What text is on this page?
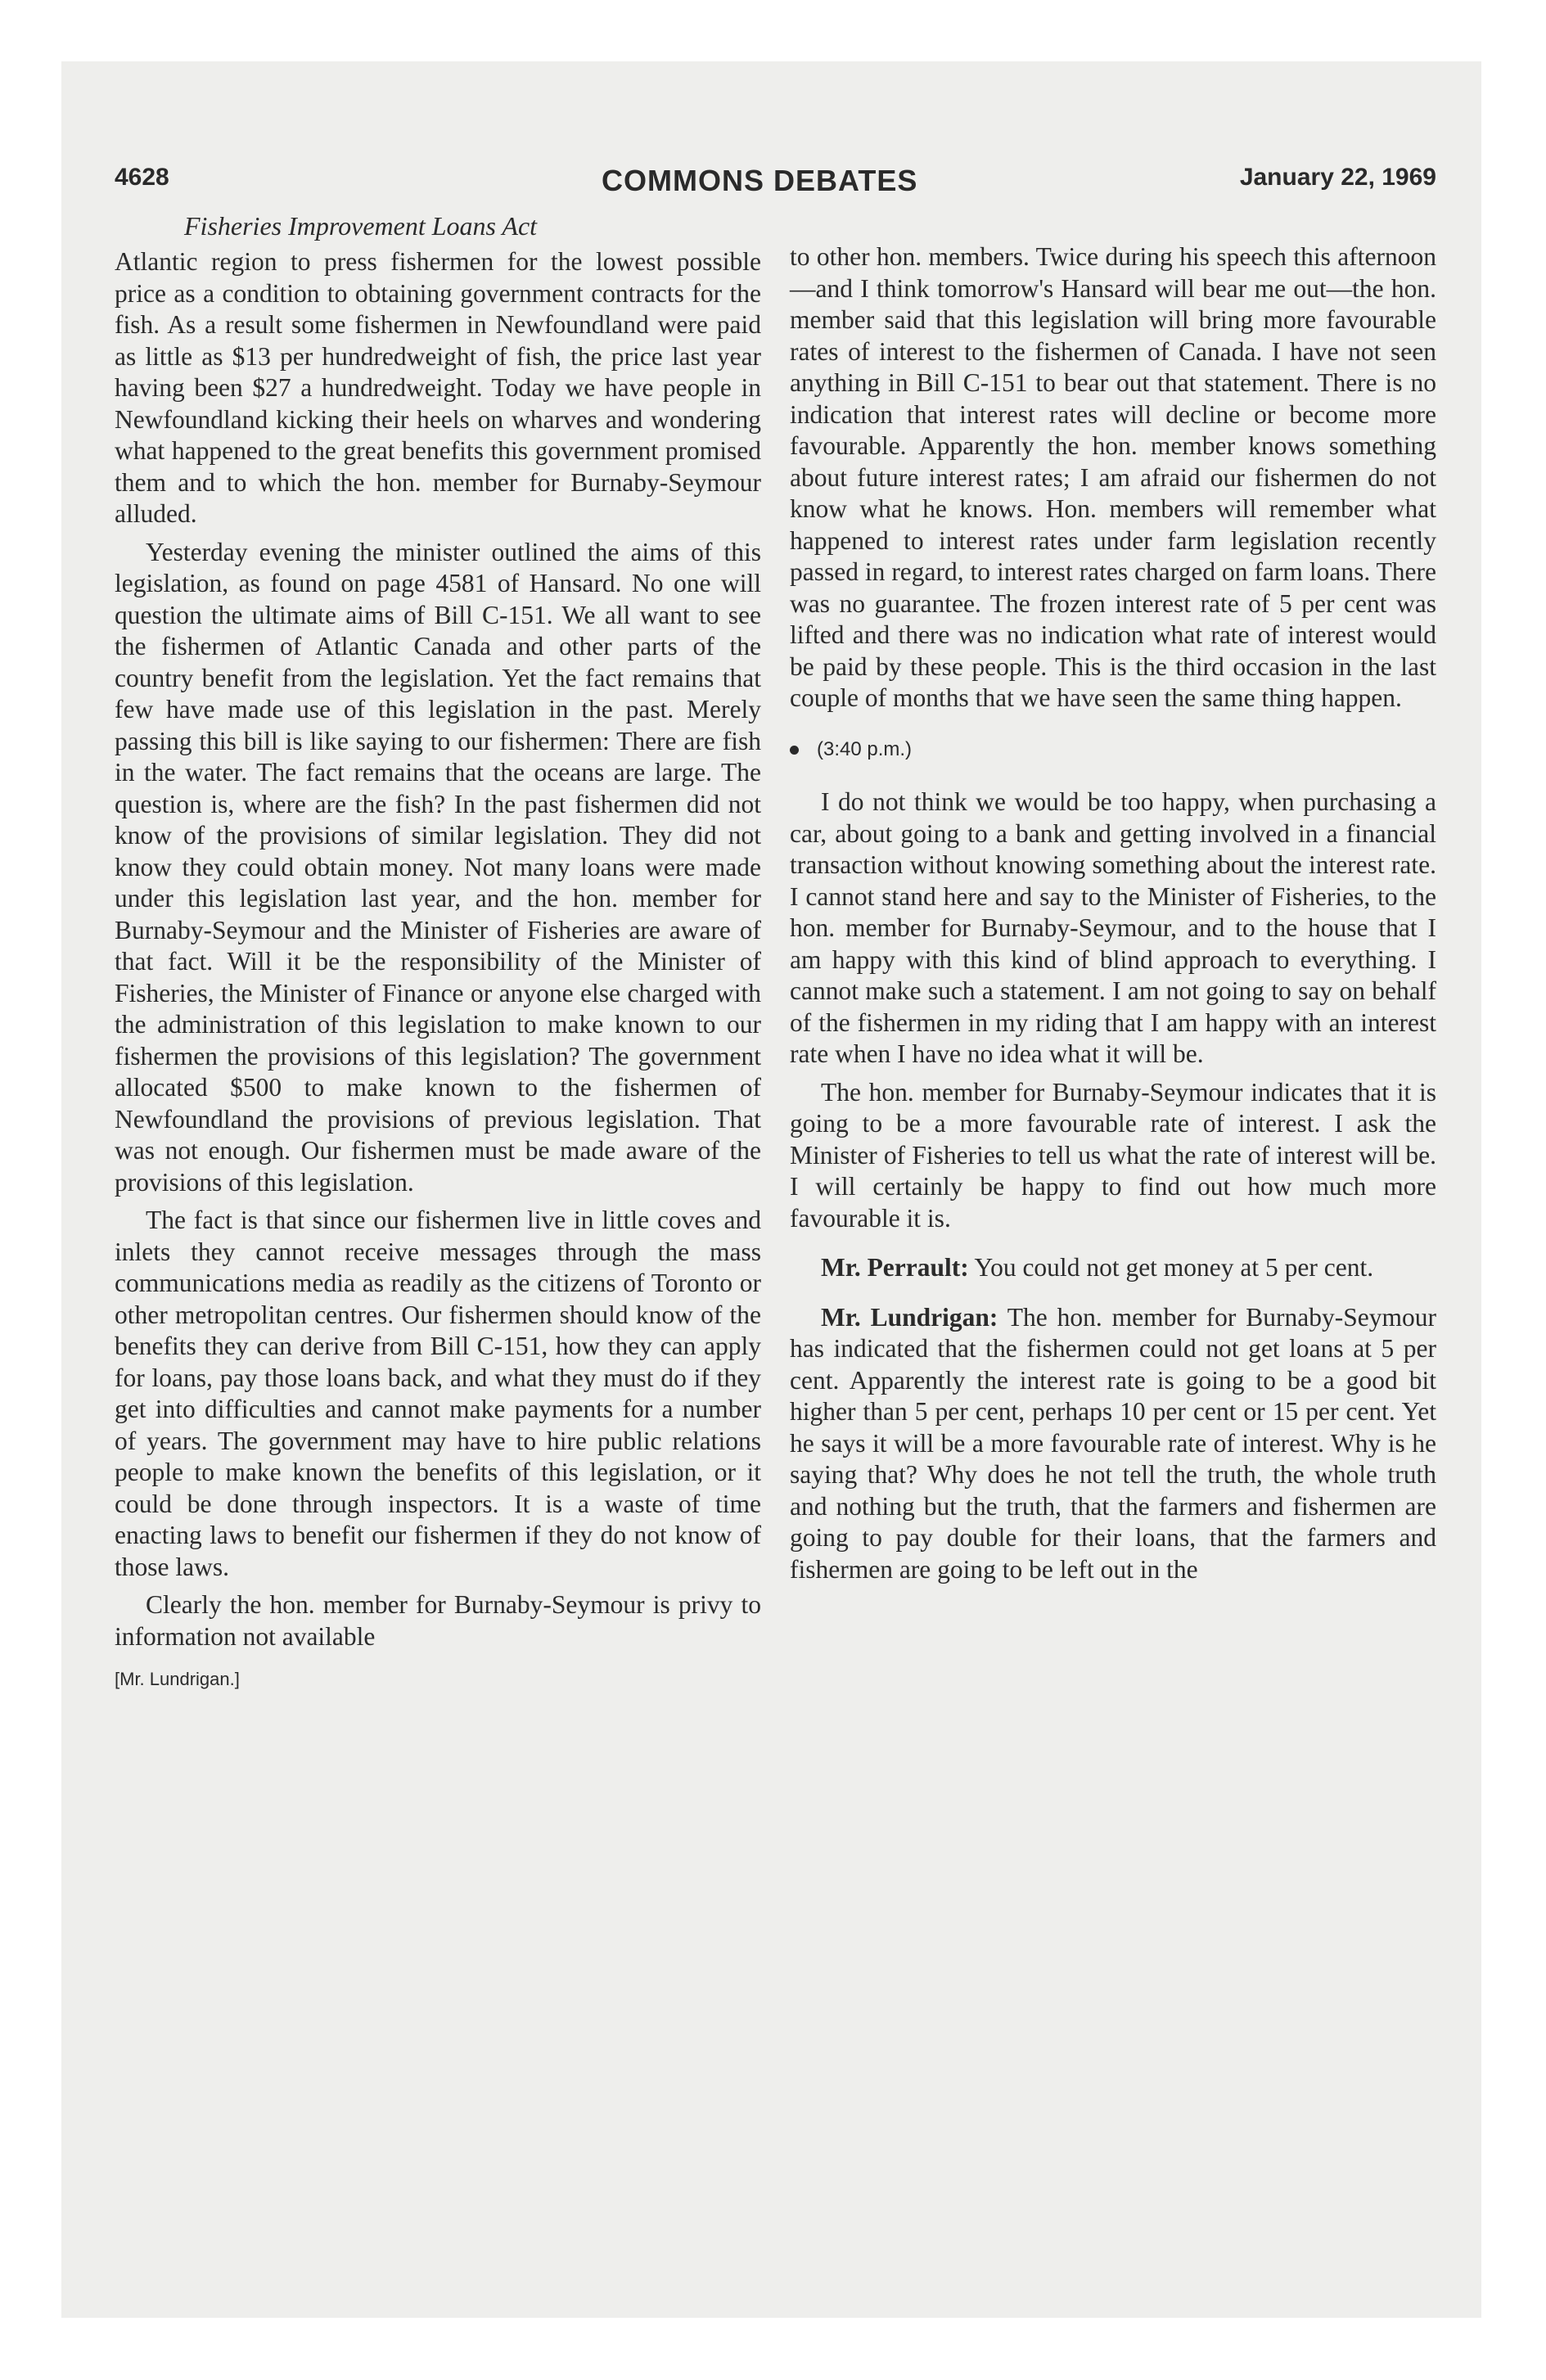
4628	COMMONS DEBATES	January 22, 1969
Fisheries Improvement Loans Act

Atlantic region to press fishermen for the lowest possible price as a condition to obtaining government contracts for the fish. As a result some fishermen in Newfoundland were paid as little as $13 per hundredweight of fish, the price last year having been $27 a hundredweight. Today we have people in Newfoundland kicking their heels on wharves and wondering what happened to the great benefits this government promised them and to which the hon. member for Burnaby-Seymour alluded.

Yesterday evening the minister outlined the aims of this legislation, as found on page 4581 of Hansard. No one will question the ultimate aims of Bill C-151. We all want to see the fishermen of Atlantic Canada and other parts of the country benefit from the legislation. Yet the fact remains that few have made use of this legislation in the past. Merely passing this bill is like saying to our fishermen: There are fish in the water. The fact remains that the oceans are large. The question is, where are the fish? In the past fishermen did not know of the provisions of similar legislation. They did not know they could obtain money. Not many loans were made under this legislation last year, and the hon. member for Burnaby-Seymour and the Minister of Fisheries are aware of that fact. Will it be the responsibility of the Minister of Fisheries, the Minister of Finance or anyone else charged with the administration of this legislation to make known to our fishermen the provisions of this legislation? The government allocated $500 to make known to the fishermen of Newfoundland the provisions of previous legislation. That was not enough. Our fishermen must be made aware of the provisions of this legislation.

The fact is that since our fishermen live in little coves and inlets they cannot receive messages through the mass communications media as readily as the citizens of Toronto or other metropolitan centres. Our fishermen should know of the benefits they can derive from Bill C-151, how they can apply for loans, pay those loans back, and what they must do if they get into difficulties and cannot make payments for a number of years. The government may have to hire public relations people to make known the benefits of this legislation, or it could be done through inspectors. It is a waste of time enacting laws to benefit our fishermen if they do not know of those laws.

Clearly the hon. member for Burnaby-Seymour is privy to information not available

[Mr. Lundrigan.]

to other hon. members. Twice during his speech this afternoon—and I think tomorrow's Hansard will bear me out—the hon. member said that this legislation will bring more favourable rates of interest to the fishermen of Canada. I have not seen anything in Bill C-151 to bear out that statement. There is no indication that interest rates will decline or become more favourable. Apparently the hon. member knows something about future interest rates; I am afraid our fishermen do not know what he knows. Hon. members will remember what happened to interest rates under farm legislation recently passed in regard, to interest rates charged on farm loans. There was no guarantee. The frozen interest rate of 5 per cent was lifted and there was no indication what rate of interest would be paid by these people. This is the third occasion in the last couple of months that we have seen the same thing happen.

(3:40 p.m.)

I do not think we would be too happy, when purchasing a car, about going to a bank and getting involved in a financial transaction without knowing something about the interest rate. I cannot stand here and say to the Minister of Fisheries, to the hon. member for Burnaby-Seymour, and to the house that I am happy with this kind of blind approach to everything. I cannot make such a statement. I am not going to say on behalf of the fishermen in my riding that I am happy with an interest rate when I have no idea what it will be.

The hon. member for Burnaby-Seymour indicates that it is going to be a more favourable rate of interest. I ask the Minister of Fisheries to tell us what the rate of interest will be. I will certainly be happy to find out how much more favourable it is.

Mr. Perrault: You could not get money at 5 per cent.

Mr. Lundrigan: The hon. member for Burnaby-Seymour has indicated that the fishermen could not get loans at 5 per cent. Apparently the interest rate is going to be a good bit higher than 5 per cent, perhaps 10 per cent or 15 per cent. Yet he says it will be a more favourable rate of interest. Why is he saying that? Why does he not tell the truth, the whole truth and nothing but the truth, that the farmers and fishermen are going to pay double for their loans, that the farmers and fishermen are going to be left out in the
